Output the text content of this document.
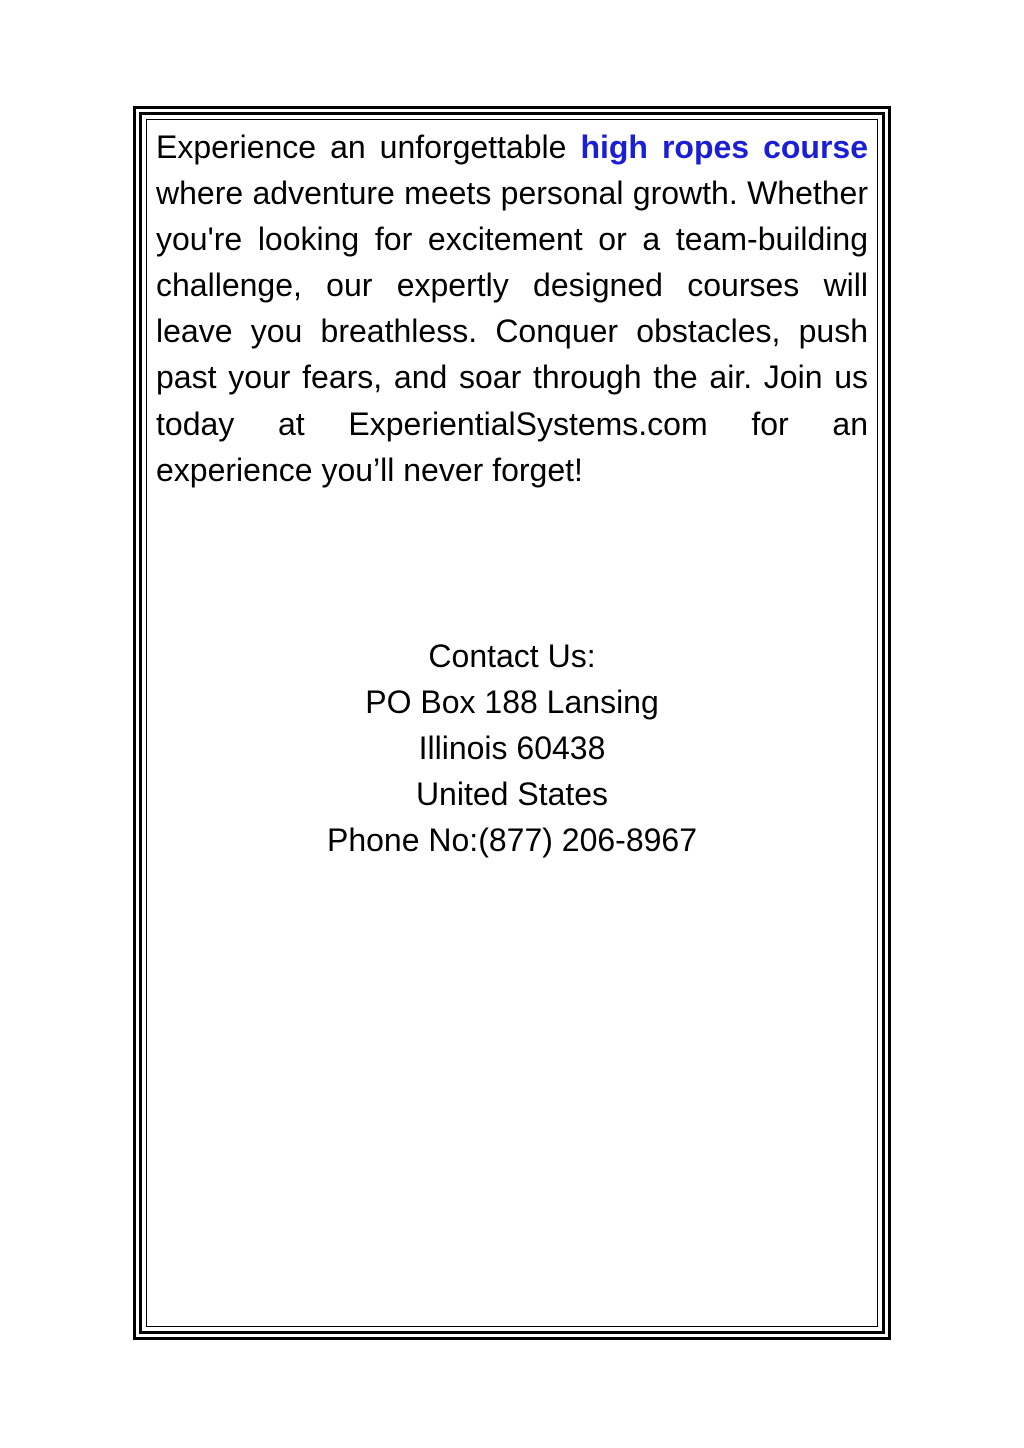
Experience an unforgettable high ropes course where adventure meets personal growth. Whether you're looking for excitement or a team-building challenge, our expertly designed courses will leave you breathless. Conquer obstacles, push past your fears, and soar through the air. Join us today at ExperientialSystems.com for an experience you’ll never forget!

Contact Us:
PO Box 188 Lansing
Illinois 60438
United States
Phone No:(877) 206-8967
